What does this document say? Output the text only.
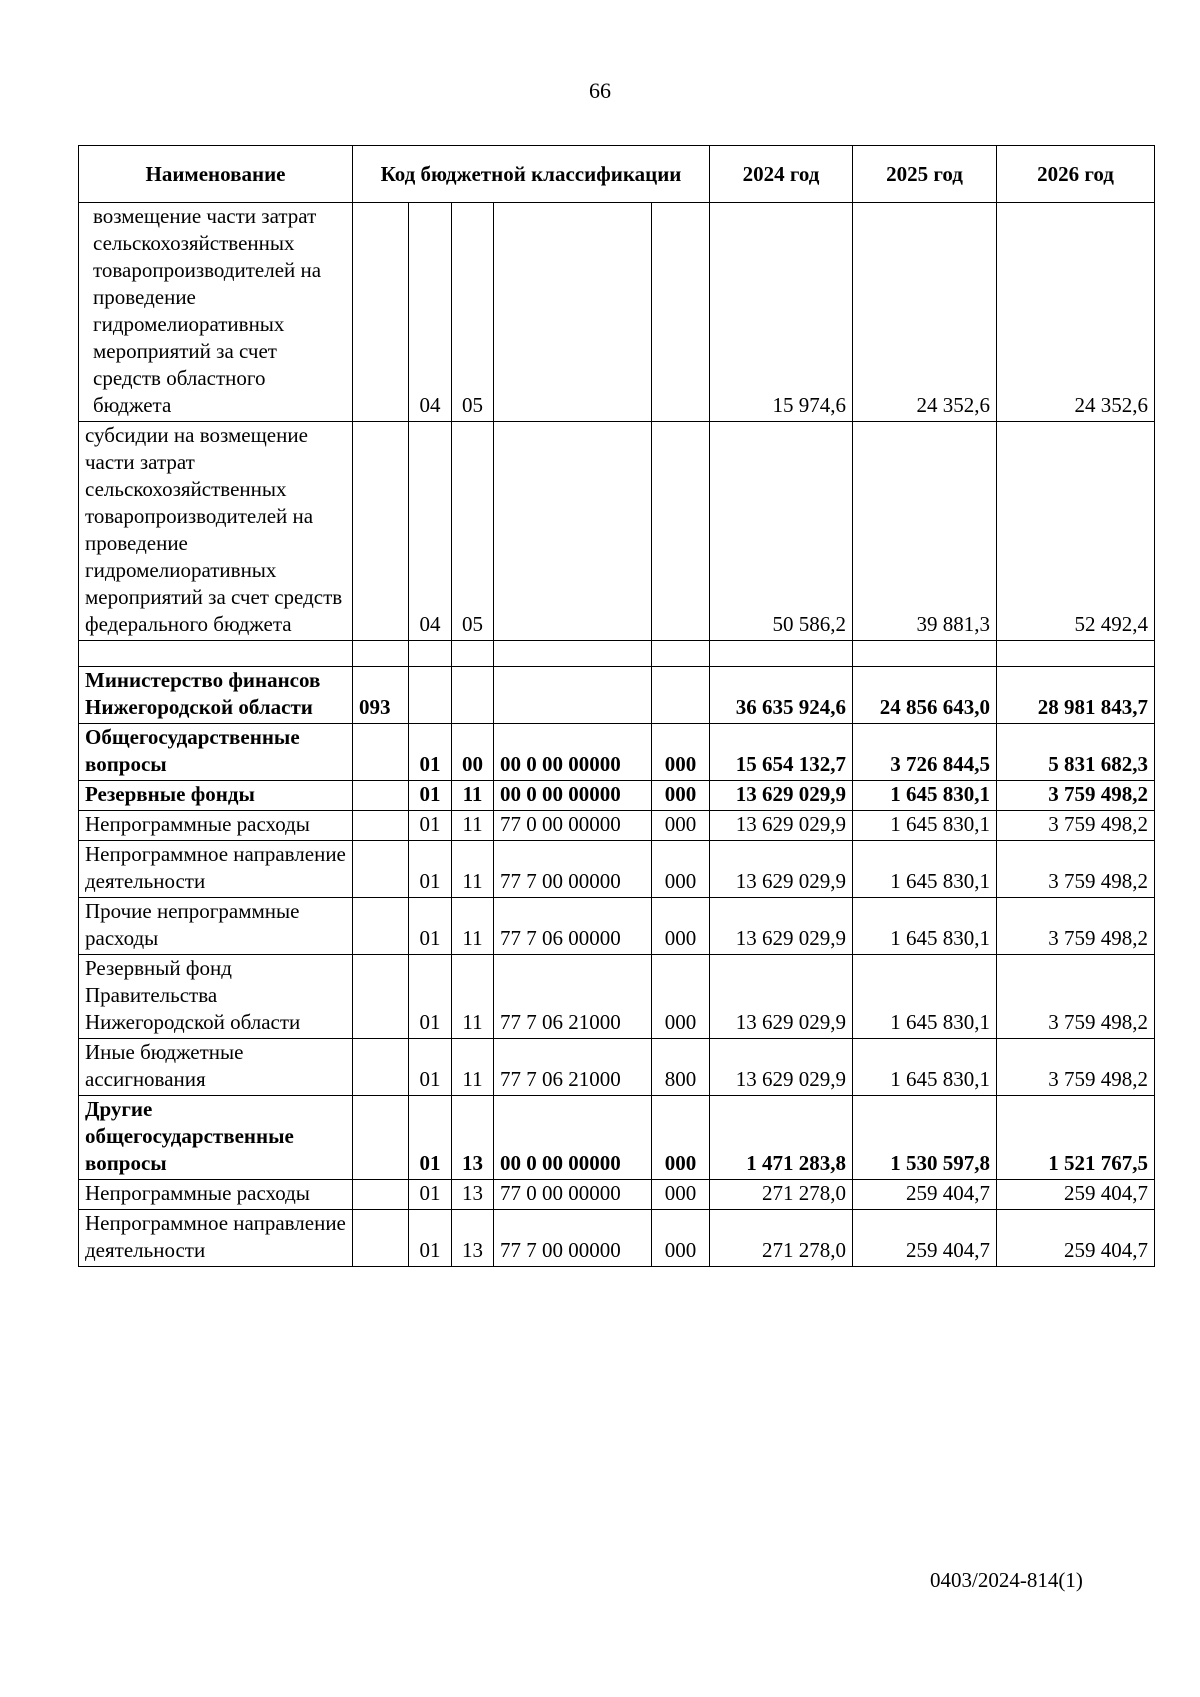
66
Наименование	Код бюджетной классификации					2024 год	2025 год	2026 год
возмещение части затрат сельскохозяйственных товаропроизводителей на проведение гидромелиоративных мероприятий за счет средств областного бюджета		04	05			15 974,6	24 352,6	24 352,6
субсидии на возмещение части затрат сельскохозяйственных товаропроизводителей на проведение гидромелиоративных мероприятий за счет средств федерального бюджета		04	05			50 586,2	39 881,3	52 492,4

Министерство финансов Нижегородской области	093					36 635 924,6	24 856 643,0	28 981 843,7
Общегосударственные вопросы		01	00	00 0 00 00000	000	15 654 132,7	3 726 844,5	5 831 682,3
Резервные фонды		01	11	00 0 00 00000	000	13 629 029,9	1 645 830,1	3 759 498,2
Непрограммные расходы		01	11	77 0 00 00000	000	13 629 029,9	1 645 830,1	3 759 498,2
Непрограммное направление деятельности		01	11	77 7 00 00000	000	13 629 029,9	1 645 830,1	3 759 498,2
Прочие непрограммные расходы		01	11	77 7 06 00000	000	13 629 029,9	1 645 830,1	3 759 498,2
Резервный фонд Правительства Нижегородской области		01	11	77 7 06 21000	000	13 629 029,9	1 645 830,1	3 759 498,2
Иные бюджетные ассигнования		01	11	77 7 06 21000	800	13 629 029,9	1 645 830,1	3 759 498,2
Другие общегосударственные вопросы		01	13	00 0 00 00000	000	1 471 283,8	1 530 597,8	1 521 767,5
Непрограммные расходы		01	13	77 0 00 00000	000	271 278,0	259 404,7	259 404,7
Непрограммное направление деятельности		01	13	77 7 00 00000	000	271 278,0	259 404,7	259 404,7
0403/2024-814(1)
